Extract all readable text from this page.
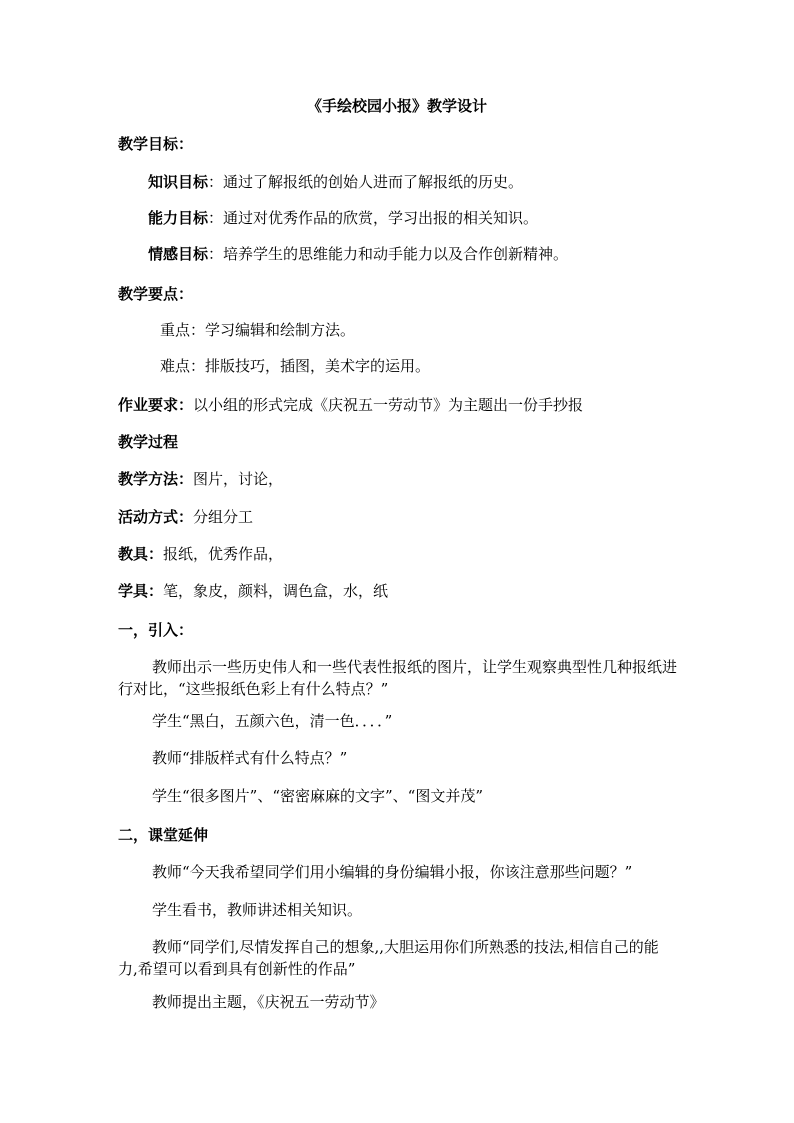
《手绘校园小报》教学设计
教学目标：
知识目标：通过了解报纸的创始人进而了解报纸的历史。
能力目标：通过对优秀作品的欣赏，学习出报的相关知识。
情感目标：培养学生的思维能力和动手能力以及合作创新精神。
教学要点：
重点：学习编辑和绘制方法。
难点：排版技巧，插图，美术字的运用。
作业要求：以小组的形式完成《庆祝五一劳动节》为主题出一份手抄报
教学过程
教学方法：图片，讨论，
活动方式：分组分工
教具：报纸，优秀作品，
学具：笔，象皮，颜料，调色盒，水，纸
一，引入：
教师出示一些历史伟人和一些代表性报纸的图片，让学生观察典型性几种报纸进行对比，“这些报纸色彩上有什么特点？”
学生“黑白，五颜六色，清一色．．．．”
教师“排版样式有什么特点？”
学生“很多图片”、“密密麻麻的文字”、“图文并茂”
二，课堂延伸
教师“今天我希望同学们用小编辑的身份编辑小报，你该注意那些问题？”
学生看书，教师讲述相关知识。
教师“同学们,尽情发挥自己的想象,,大胆运用你们所熟悉的技法,相信自己的能力,希望可以看到具有创新性的作品”
教师提出主题，《庆祝五一劳动节》
